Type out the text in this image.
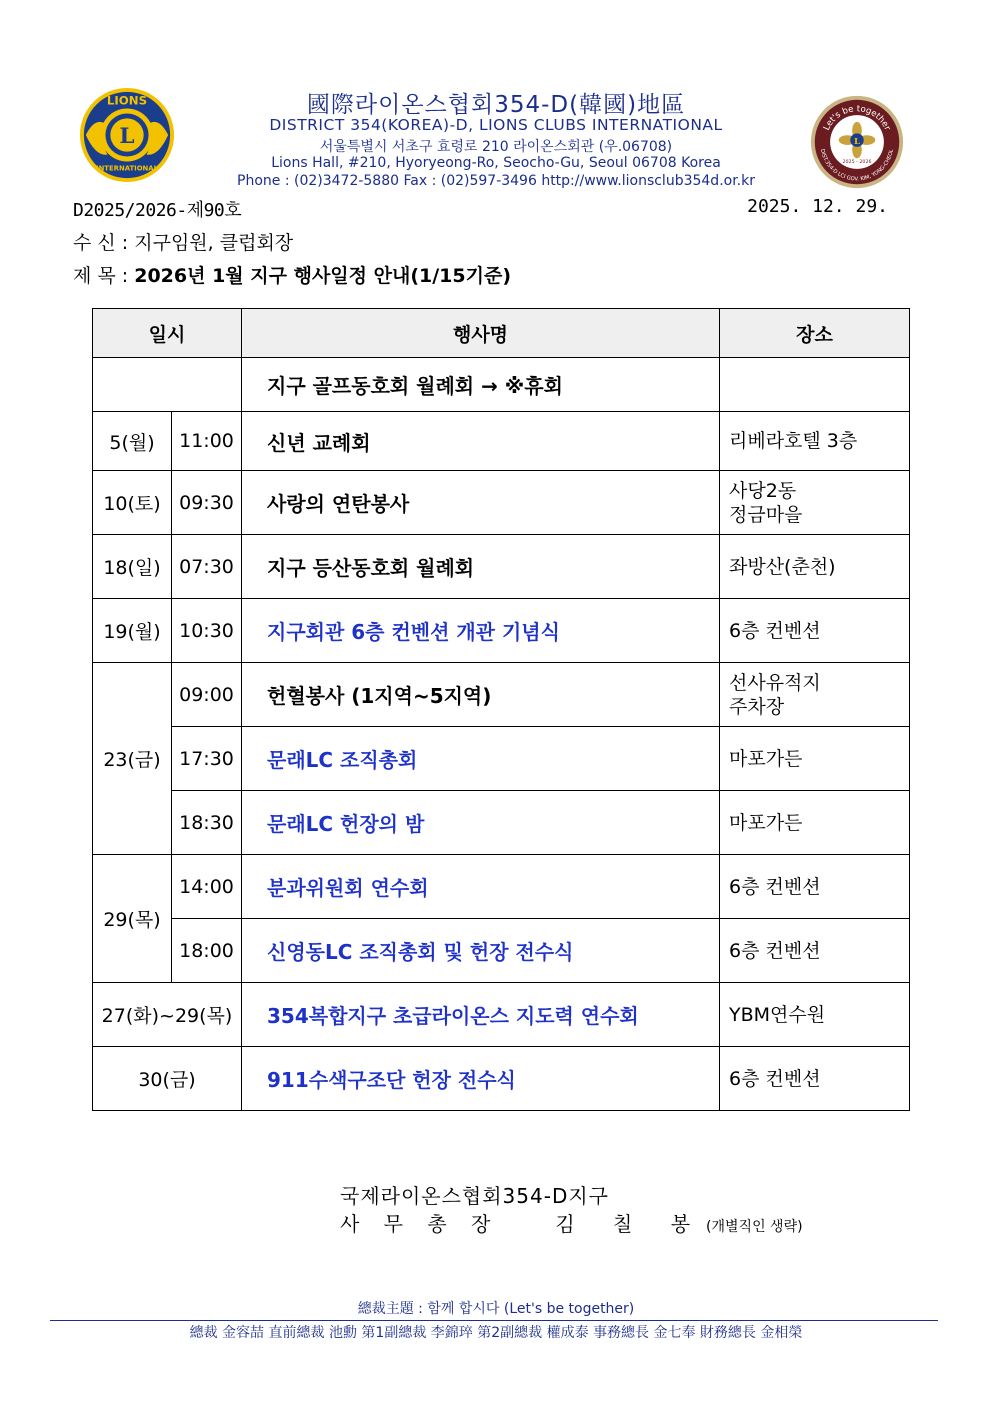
LIONS
L
INTERNATIONAL
國際라이온스협회354-D(韓國)地區
DISTRICT 354(KOREA)-D, LIONS CLUBS INTERNATIONAL
서울특별시 서초구 효령로 210 라이온스회관 (우.06708)
Lions Hall, #210, Hyoryeong-Ro, Seocho-Gu, Seoul 06708 Korea
Phone : (02)3472-5880 Fax : (02)597-3496 http://www.lionsclub354d.or.kr
Let's be together
DIST.354-D LCI GOV. KIM, YONG-CHEOL
L
2025 - 2026
D2025/2026-제90호	2025. 12. 29.
수 신 : 지구임원, 클럽회장
제 목 : 2026년 1월 지구 행사일정 안내(1/15기준)
일시		행사명	장소
		지구 골프동호회 월례회 → ※휴회	
5(월)	11:00	신년 교례회	리베라호텔 3층
10(토)	09:30	사랑의 연탄봉사	사당2동
정금마을

18(일)	07:30	지구 등산동호회 월례회	좌방산(춘천)
19(월)	10:30	지구회관 6층 컨벤션 개관 기념식	6층 컨벤션
23(금)	09:00	헌혈봉사 (1지역~5지역)	선사유적지
주차장

	17:30	문래LC 조직총회	마포가든
	18:30	문래LC 헌장의 밤	마포가든
29(목)	14:00	분과위원회 연수회	6층 컨벤션
	18:00	신영동LC 조직총회 및 헌장 전수식	6층 컨벤션
27(화)~29(목)		354복합지구 초급라이온스 지도력 연수회	YBM연수원
30(금)		911수색구조단 헌장 전수식	6층 컨벤션
국제라이온스협회354-D지구
사 무 총 장	김 칠 봉(개별직인 생략)
總裁主題 : 함께 합시다 (Let's be together)
總裁 金容喆 直前總裁 池勳 第1副總裁 李錦琗 第2副總裁 權成泰 事務總長 金七奉 財務總長 金相榮
